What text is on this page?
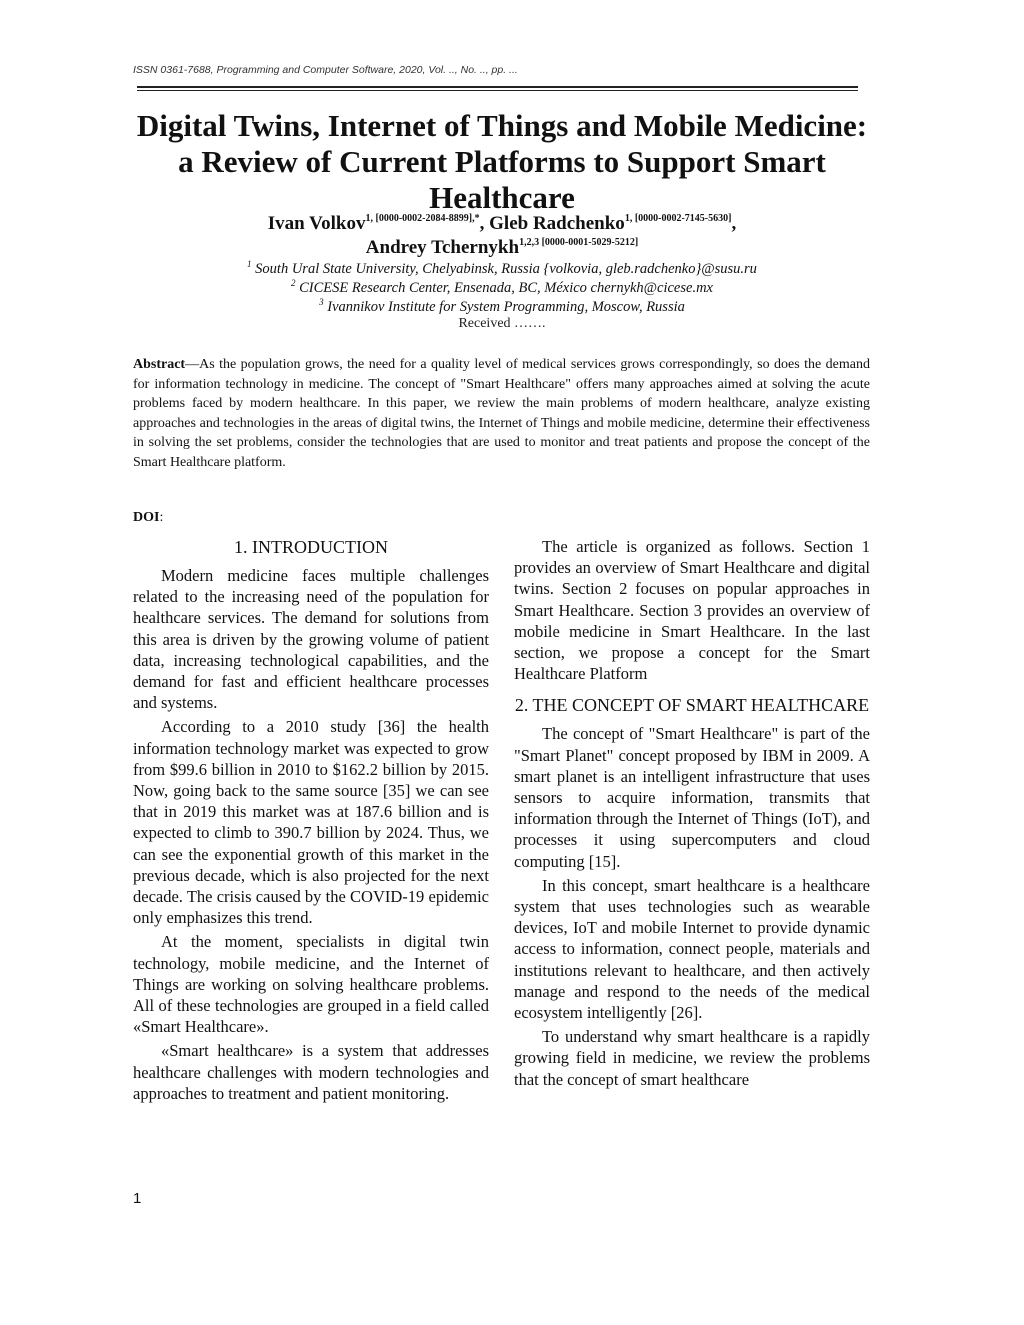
ISSN 0361-7688, Programming and Computer Software, 2020, Vol. .., No. .., pp. ...
Digital Twins, Internet of Things and Mobile Medicine:
a Review of Current Platforms to Support Smart
Healthcare
Ivan Volkov$^{1, [0000-0002-2084-8899],*}$, Gleb Radchenko$^{1, [0000-0002-7145-5630]}$,
Andrey Tchernykh$^{1,2,3 [0000-0001-5029-5212]}$
$^1$ South Ural State University, Chelyabinsk, Russia {volkovia, gleb.radchenko}@susu.ru
$^2$ CICESE Research Center, Ensenada, BC, México chernykh@cicese.mx
$^3$ Ivannikov Institute for System Programming, Moscow, Russia
Received …….

Abstract—As the population grows, the need for a quality level of medical services grows correspondingly, so does the demand for information technology in medicine. The concept of "Smart Healthcare" offers many approaches aimed at solving the acute problems faced by modern healthcare. In this paper, we review the main problems of modern healthcare, analyze existing approaches and technologies in the areas of digital twins, the Internet of Things and mobile medicine, determine their effectiveness in solving the set problems, consider the technologies that are used to monitor and treat patients and propose the concept of the Smart Healthcare platform.

DOI:
1. INTRODUCTION

Modern medicine faces multiple challenges related to the increasing need of the population for healthcare services. The demand for solutions from this area is driven by the growing volume of patient data, increasing technological capabilities, and the demand for fast and efficient healthcare processes and systems.

According to a 2010 study [36] the health information technology market was expected to grow from $99.6 billion in 2010 to $162.2 billion by 2015. Now, going back to the same source [35] we can see that in 2019 this market was at 187.6 billion and is expected to climb to 390.7 billion by 2024. Thus, we can see the exponential growth of this market in the previous decade, which is also projected for the next decade. The crisis caused by the COVID-19 epidemic only emphasizes this trend.

At the moment, specialists in digital twin technology, mobile medicine, and the Internet of Things are working on solving healthcare problems. All of these technologies are grouped in a field called «Smart Healthcare».

«Smart healthcare» is a system that addresses healthcare challenges with modern technologies and approaches to treatment and patient monitoring.

The article is organized as follows. Section 1 provides an overview of Smart Healthcare and digital twins. Section 2 focuses on popular approaches in Smart Healthcare. Section 3 provides an overview of mobile medicine in Smart Healthcare. In the last section, we propose a concept for the Smart Healthcare Platform

2. THE CONCEPT OF SMART HEALTHCARE

The concept of "Smart Healthcare" is part of the "Smart Planet" concept proposed by IBM in 2009. A smart planet is an intelligent infrastructure that uses sensors to acquire information, transmits that information through the Internet of Things (IoT), and processes it using supercomputers and cloud computing [15].

In this concept, smart healthcare is a healthcare system that uses technologies such as wearable devices, IoT and mobile Internet to provide dynamic access to information, connect people, materials and institutions relevant to healthcare, and then actively manage and respond to the needs of the medical ecosystem intelligently [26].

To understand why smart healthcare is a rapidly growing field in medicine, we review the problems that the concept of smart healthcare

1
